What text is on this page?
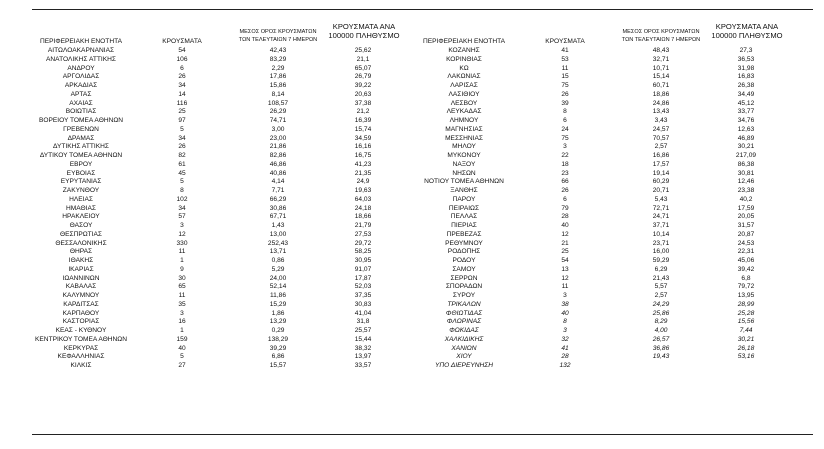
ΠΕΡΙΦΕΡΕΙΑΚΗ ΕΝΟΤΗΤΑ	ΚΡΟΥΣΜΑΤΑ
ΜΕΣΟΣ ΟΡΟΣ ΚΡΟΥΣΜΑΤΩΝ ΤΩΝ ΤΕΛΕΥΤΑΙΩΝ 7 ΗΜΕΡΩΝ
ΚΡΟΥΣΜΑΤΑ ΑΝΑ 100000 ΠΛΗΘΥΣΜΟ
ΑΙΤΩΛΟΑΚΑΡΝΑΝΙΑΣ	54	42,43	25,62
ΑΝΑΤΟΛΙΚΗΣ ΑΤΤΙΚΗΣ	106	83,29	21,1
ΑΝΔΡΟΥ	6	2,29	65,07
ΑΡΓΟΛΙΔΑΣ	26	17,86	26,79
ΑΡΚΑΔΙΑΣ	34	15,86	39,22
ΑΡΤΑΣ	14	8,14	20,63
ΑΧΑΪΑΣ	116	108,57	37,38
ΒΟΙΩΤΙΑΣ	25	26,29	21,2
ΒΟΡΕΙΟΥ ΤΟΜΕΑ ΑΘΗΝΩΝ	97	74,71	16,39
ΓΡΕΒΕΝΩΝ	5	3,00	15,74
ΔΡΑΜΑΣ	34	23,00	34,59
ΔΥΤΙΚΗΣ ΑΤΤΙΚΗΣ	26	21,86	16,16
ΔΥΤΙΚΟΥ ΤΟΜΕΑ ΑΘΗΝΩΝ	82	82,86	16,75
ΕΒΡΟΥ	61	46,86	41,23
ΕΥΒΟΙΑΣ	45	40,86	21,35
ΕΥΡΥΤΑΝΙΑΣ	5	4,14	24,9
ΖΑΚΥΝΘΟΥ	8	7,71	19,63
ΗΛΕΙΑΣ	102	66,29	64,03
ΗΜΑΘΙΑΣ	34	30,86	24,18
ΗΡΑΚΛΕΙΟΥ	57	67,71	18,66
ΘΑΣΟΥ	3	1,43	21,79
ΘΕΣΠΡΩΤΙΑΣ	12	13,00	27,53
ΘΕΣΣΑΛΟΝΙΚΗΣ	330	252,43	29,72
ΘΗΡΑΣ	11	13,71	58,25
ΙΘΑΚΗΣ	1	0,86	30,95
ΙΚΑΡΙΑΣ	9	5,29	91,07
ΙΩΑΝΝΙΝΩΝ	30	24,00	17,87
ΚΑΒΑΛΑΣ	65	52,14	52,03
ΚΑΛΥΜΝΟΥ	11	11,86	37,35
ΚΑΡΔΙΤΣΑΣ	35	15,29	30,83
ΚΑΡΠΑΘΟΥ	3	1,86	41,04
ΚΑΣΤΟΡΙΑΣ	16	13,29	31,8
ΚΕΑΣ - ΚΥΘΝΟΥ	1	0,29	25,57
ΚΕΝΤΡΙΚΟΥ ΤΟΜΕΑ ΑΘΗΝΩΝ	159	138,29	15,44
ΚΕΡΚΥΡΑΣ	40	39,29	38,32
ΚΕΦΑΛΛΗΝΙΑΣ	5	6,86	13,97
ΚΙΛΚΙΣ	27	15,57	33,57
ΠΕΡΙΦΕΡΕΙΑΚΗ ΕΝΟΤΗΤΑ	ΚΡΟΥΣΜΑΤΑ
ΜΕΣΟΣ ΟΡΟΣ ΚΡΟΥΣΜΑΤΩΝ ΤΩΝ ΤΕΛΕΥΤΑΙΩΝ 7 ΗΜΕΡΩΝ
ΚΡΟΥΣΜΑΤΑ ΑΝΑ 100000 ΠΛΗΘΥΣΜΟ
ΚΟΖΑΝΗΣ	41	48,43	27,3
ΚΟΡΙΝΘΙΑΣ	53	32,71	36,53
ΚΩ	11	10,71	31,98
ΛΑΚΩΝΙΑΣ	15	15,14	16,83
ΛΑΡΙΣΑΣ	75	60,71	26,38
ΛΑΣΙΘΙΟΥ	26	18,86	34,49
ΛΕΣΒΟΥ	39	24,86	45,12
ΛΕΥΚΑΔΑΣ	8	13,43	33,77
ΛΗΜΝΟΥ	6	3,43	34,76
ΜΑΓΝΗΣΙΑΣ	24	24,57	12,63
ΜΕΣΣΗΝΙΑΣ	75	70,57	46,89
ΜΗΛΟΥ	3	2,57	30,21
ΜΥΚΟΝΟΥ	22	16,86	217,09
ΝΑΞΟΥ	18	17,57	86,38
ΝΗΣΩΝ	23	19,14	30,81
ΝΟΤΙΟΥ ΤΟΜΕΑ ΑΘΗΝΩΝ	66	60,29	12,46
ΞΑΝΘΗΣ	26	20,71	23,38
ΠΑΡΟΥ	6	5,43	40,2
ΠΕΙΡΑΙΩΣ	79	72,71	17,59
ΠΕΛΛΑΣ	28	24,71	20,05
ΠΙΕΡΙΑΣ	40	37,71	31,57
ΠΡΕΒΕΖΑΣ	12	10,14	20,87
ΡΕΘΥΜΝΟΥ	21	23,71	24,53
ΡΟΔΟΠΗΣ	25	16,00	22,31
ΡΟΔΟΥ	54	59,29	45,06
ΣΑΜΟΥ	13	6,29	39,42
ΣΕΡΡΩΝ	12	21,43	6,8
ΣΠΟΡΑΔΩΝ	11	5,57	79,72
ΣΥΡΟΥ	3	2,57	13,95
ΤΡΙΚΑΛΩΝ	38	24,29	28,99
ΦΘΙΩΤΙΔΑΣ	40	25,86	25,28
ΦΛΩΡΙΝΑΣ	8	8,29	15,56
ΦΩΚΙΔΑΣ	3	4,00	7,44
ΧΑΛΚΙΔΙΚΗΣ	32	26,57	30,21
ΧΑΝΙΩΝ	41	36,86	26,18
ΧΙΟΥ	28	19,43	53,16
ΥΠΟ ΔΙΕΡΕΥΝΗΣΗ	132
